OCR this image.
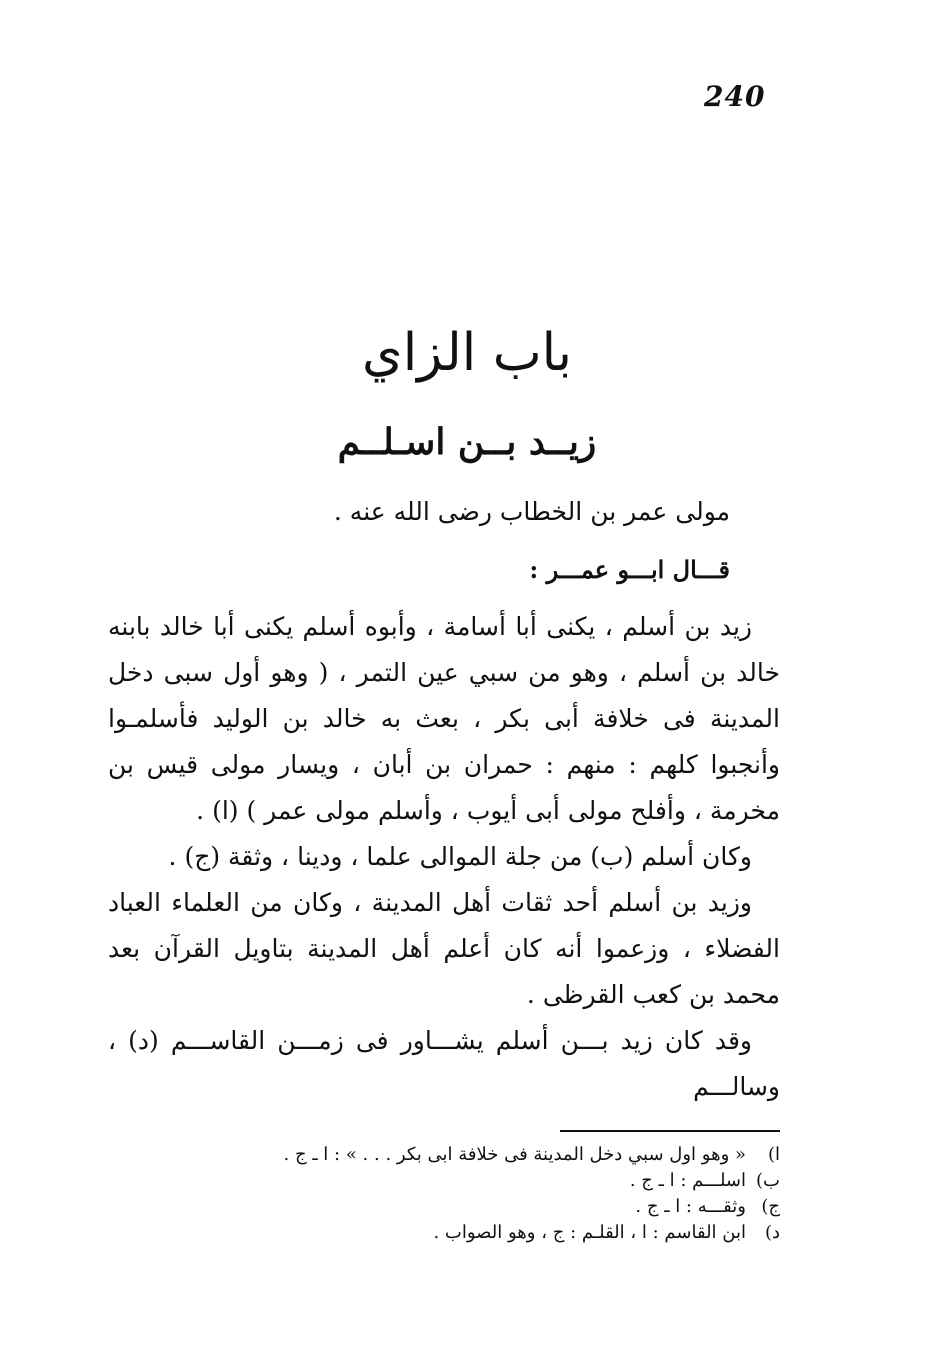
240
باب الزاي
زيــد بــن اسـلــم
مولى عمر بن الخطاب رضى الله عنه .
قـــال ابـــو عمـــر :

زيد بن أسلم ، يكنى أبا أسامة ، وأبوه أسلم يكنى أبا خالد بابنه خالد بن أسلم ، وهو من سبي عين التمر ، ( وهو أول سبى دخل المدينة فى خلافة أبى بكر ، بعث به خالد بن الوليد فأسلمـوا وأنجبوا كلهم : منهم : حمران بن أبان ، ويسار مولى قيس بن مخرمة ، وأفلح مولى أبى أيوب ، وأسلم مولى عمر ) (ا) .

وكان أسلم (ب) من جلة الموالى علما ، ودينا ، وثقة (ج) .

وزيد بن أسلم أحد ثقات أهل المدينة ، وكان من العلماء العباد الفضلاء ، وزعموا أنه كان أعلم أهل المدينة بتاويل القرآن بعد محمد بن كعب القرظى .

وقد كان زيد بـــن أسلم يشـــاور فى زمـــن القاســـم (د) ، وسالـــم

ا)
« وهو اول سبي دخل المدينة فى خلافة ابى بكر . . . » : ا ـ ج .
ب)
اسلـــم : ا ـ ج .
ج)
وثقـــه : ا ـ ج .
د)
ابن القاسم : ا ، القلـم : ج ، وهو الصواب .
